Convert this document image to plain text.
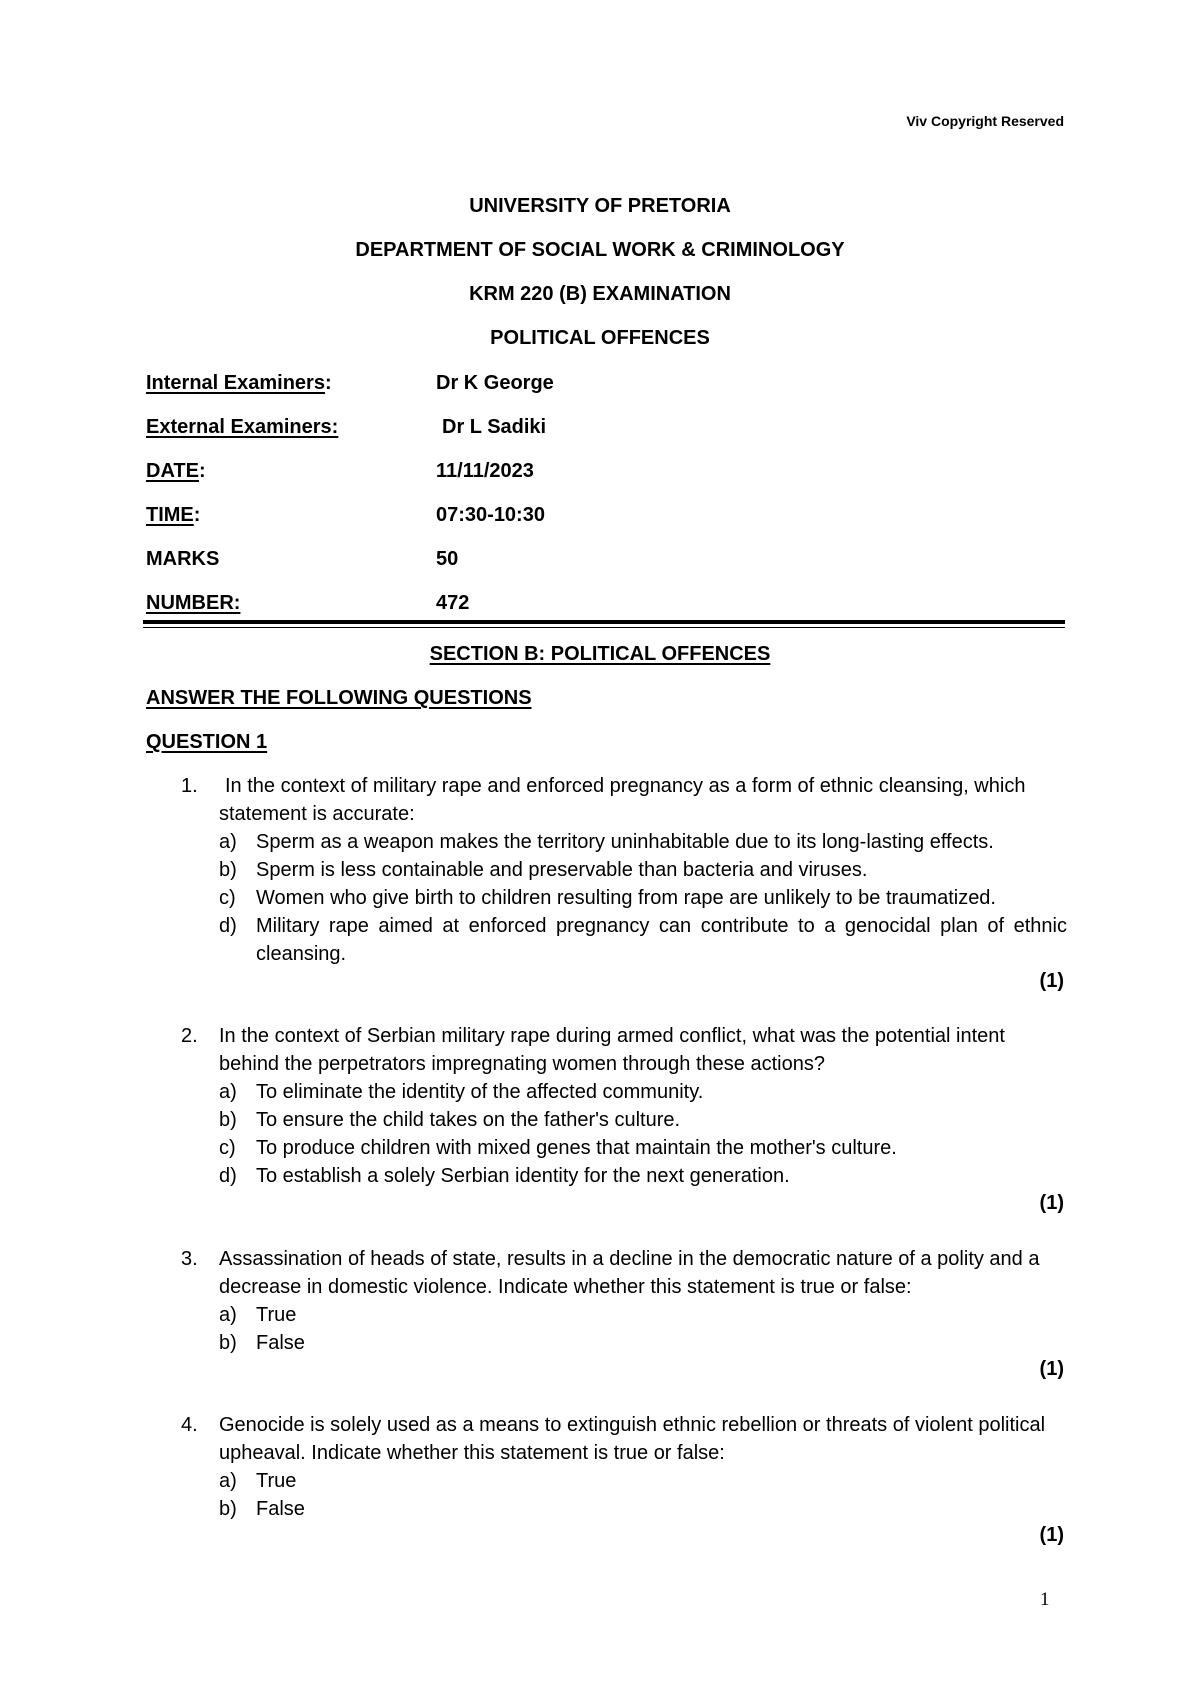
Viv Copyright Reserved
UNIVERSITY OF PRETORIA
DEPARTMENT OF SOCIAL WORK & CRIMINOLOGY
KRM 220 (B) EXAMINATION
POLITICAL OFFENCES
Internal Examiners:	Dr K George
External Examiners:	Dr L Sadiki
DATE:	11/11/2023
TIME:	07:30-10:30
MARKS	50
NUMBER:	472
SECTION B: POLITICAL OFFENCES
ANSWER THE FOLLOWING QUESTIONS
QUESTION 1
1.	In the context of military rape and enforced pregnancy as a form of ethnic cleansing, which statement is accurate:
a) Sperm as a weapon makes the territory uninhabitable due to its long-lasting effects.
b) Sperm is less containable and preservable than bacteria and viruses.
c) Women who give birth to children resulting from rape are unlikely to be traumatized.
d) Military rape aimed at enforced pregnancy can contribute to a genocidal plan of ethnic cleansing.
(1)
2. In the context of Serbian military rape during armed conflict, what was the potential intent behind the perpetrators impregnating women through these actions?
a) To eliminate the identity of the affected community.
b) To ensure the child takes on the father's culture.
c) To produce children with mixed genes that maintain the mother's culture.
d) To establish a solely Serbian identity for the next generation.
(1)
3. Assassination of heads of state, results in a decline in the democratic nature of a polity and a decrease in domestic violence. Indicate whether this statement is true or false:
a) True
b) False
(1)
4. Genocide is solely used as a means to extinguish ethnic rebellion or threats of violent political upheaval. Indicate whether this statement is true or false:
a) True
b) False
(1)
1
